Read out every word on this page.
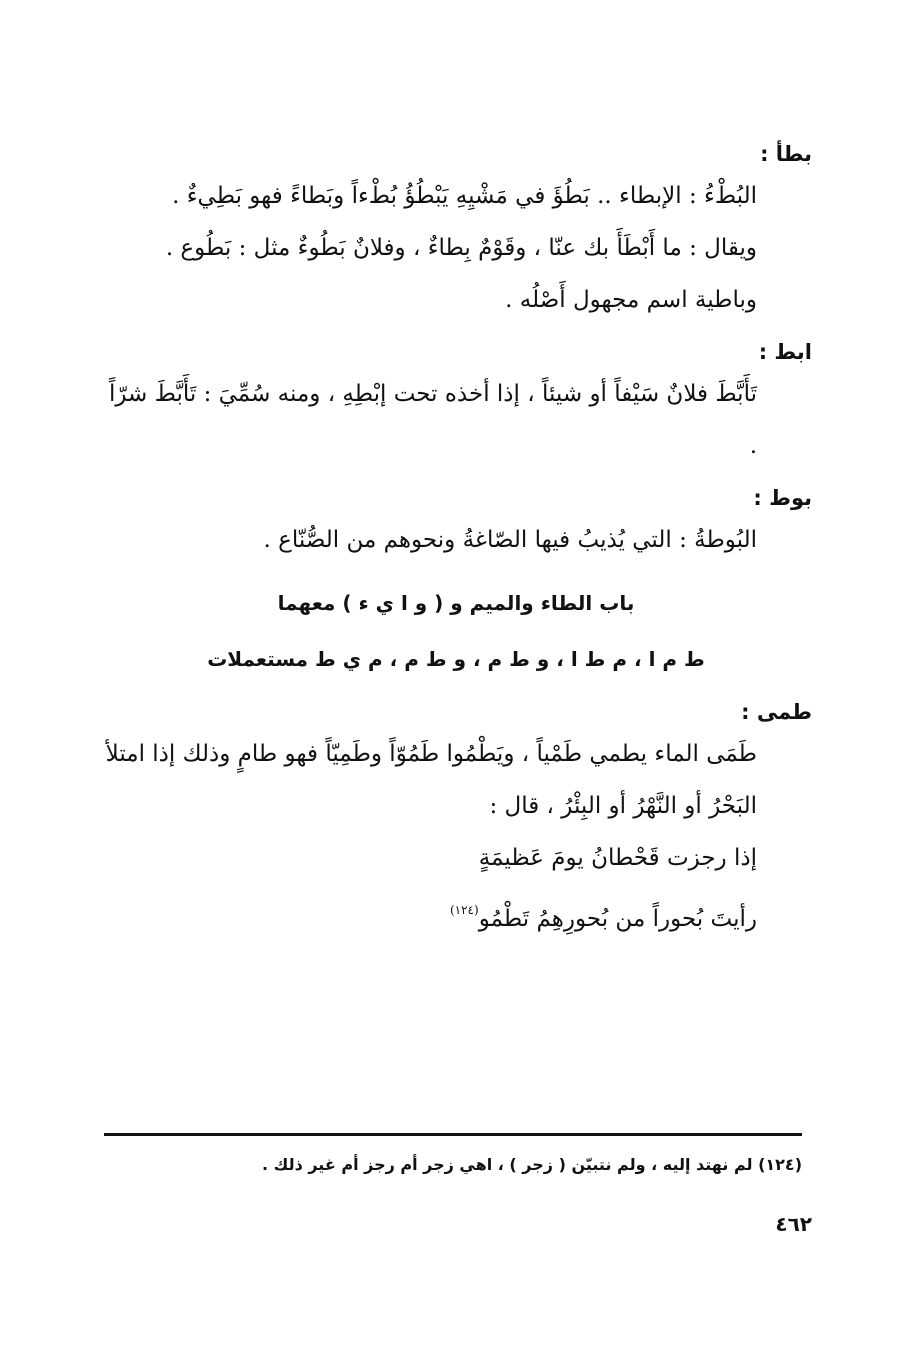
بطأ :

البُطْءُ : الإبطاء .. بَطُؤَ في مَشْيِهِ يَبْطُؤُ بُطْءاً وبَطاءً فهو بَطِيءٌ .

ويقال : ما أَبْطَأَ بك عنّا ، وقَوْمٌ بِطاءٌ ، وفلانٌ بَطُوءٌ مثل : بَطُوع .

وباطية اسم مجهول أَصْلُه .

ابط :

تَأَبَّطَ فلانٌ سَيْفاً أو شيئاً ، إذا أخذه تحت إبْطِهِ ، ومنه سُمِّيَ : تَأَبَّطَ شرّاً .

بوط :

البُوطةُ : التي يُذيبُ فيها الصّاغةُ ونحوهم من الصُّنّاع .

باب الطاء والميم و ( و ا ي ء ) معهما
ط م ا ، م ط ا ، و ط م ، و ط م ، م ي ط مستعملات
طمى :

طَمَى الماء يطمي طَمْياً ، ويَطْمُوا طَمُوّاً وطَمِيّاً فهو طامٍ وذلك إذا امتلأ البَحْرُ أو النَّهْرُ أو البِئْرُ ، قال :

إذا رجزت قَحْطانُ يومَ عَظيمَةٍ

رأيتَ بُحوراً من بُحورِهِمُ تَطْمُو$^{(١٢٤)}$

(١٢٤) لم نهتد إليه ، ولم نتبيّن ( زجر ) ، اهي زجر أم رجز أم غير ذلك .

٤٦٢
